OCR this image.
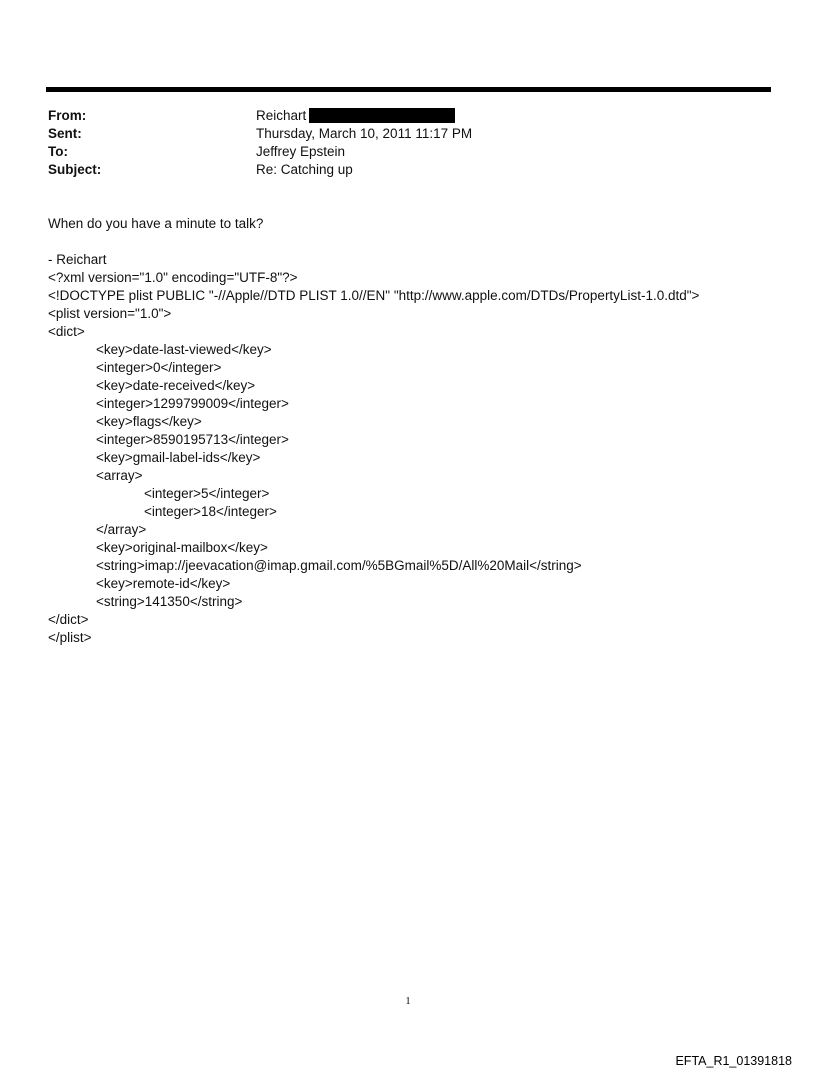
From:	Reichart
Sent:	Thursday, March 10, 2011 11:17 PM
To:	Jeffrey Epstein
Subject:	Re: Catching up
When do you have a minute to talk?
- Reichart
<?xml version="1.0" encoding="UTF-8"?>
<!DOCTYPE plist PUBLIC "-//Apple//DTD PLIST 1.0//EN" "http://www.apple.com/DTDs/PropertyList-1.0.dtd">
<plist version="1.0">
<dict>
<key>date-last-viewed</key>
<integer>0</integer>
<key>date-received</key>
<integer>1299799009</integer>
<key>flags</key>
<integer>8590195713</integer>
<key>gmail-label-ids</key>
<array>
<integer>5</integer>
<integer>18</integer>
</array>
<key>original-mailbox</key>
<string>imap://jeevacation@imap.gmail.com/%5BGmail%5D/All%20Mail</string>
<key>remote-id</key>
<string>141350</string>
</dict>
</plist>
1
EFTA_R1_01391818
